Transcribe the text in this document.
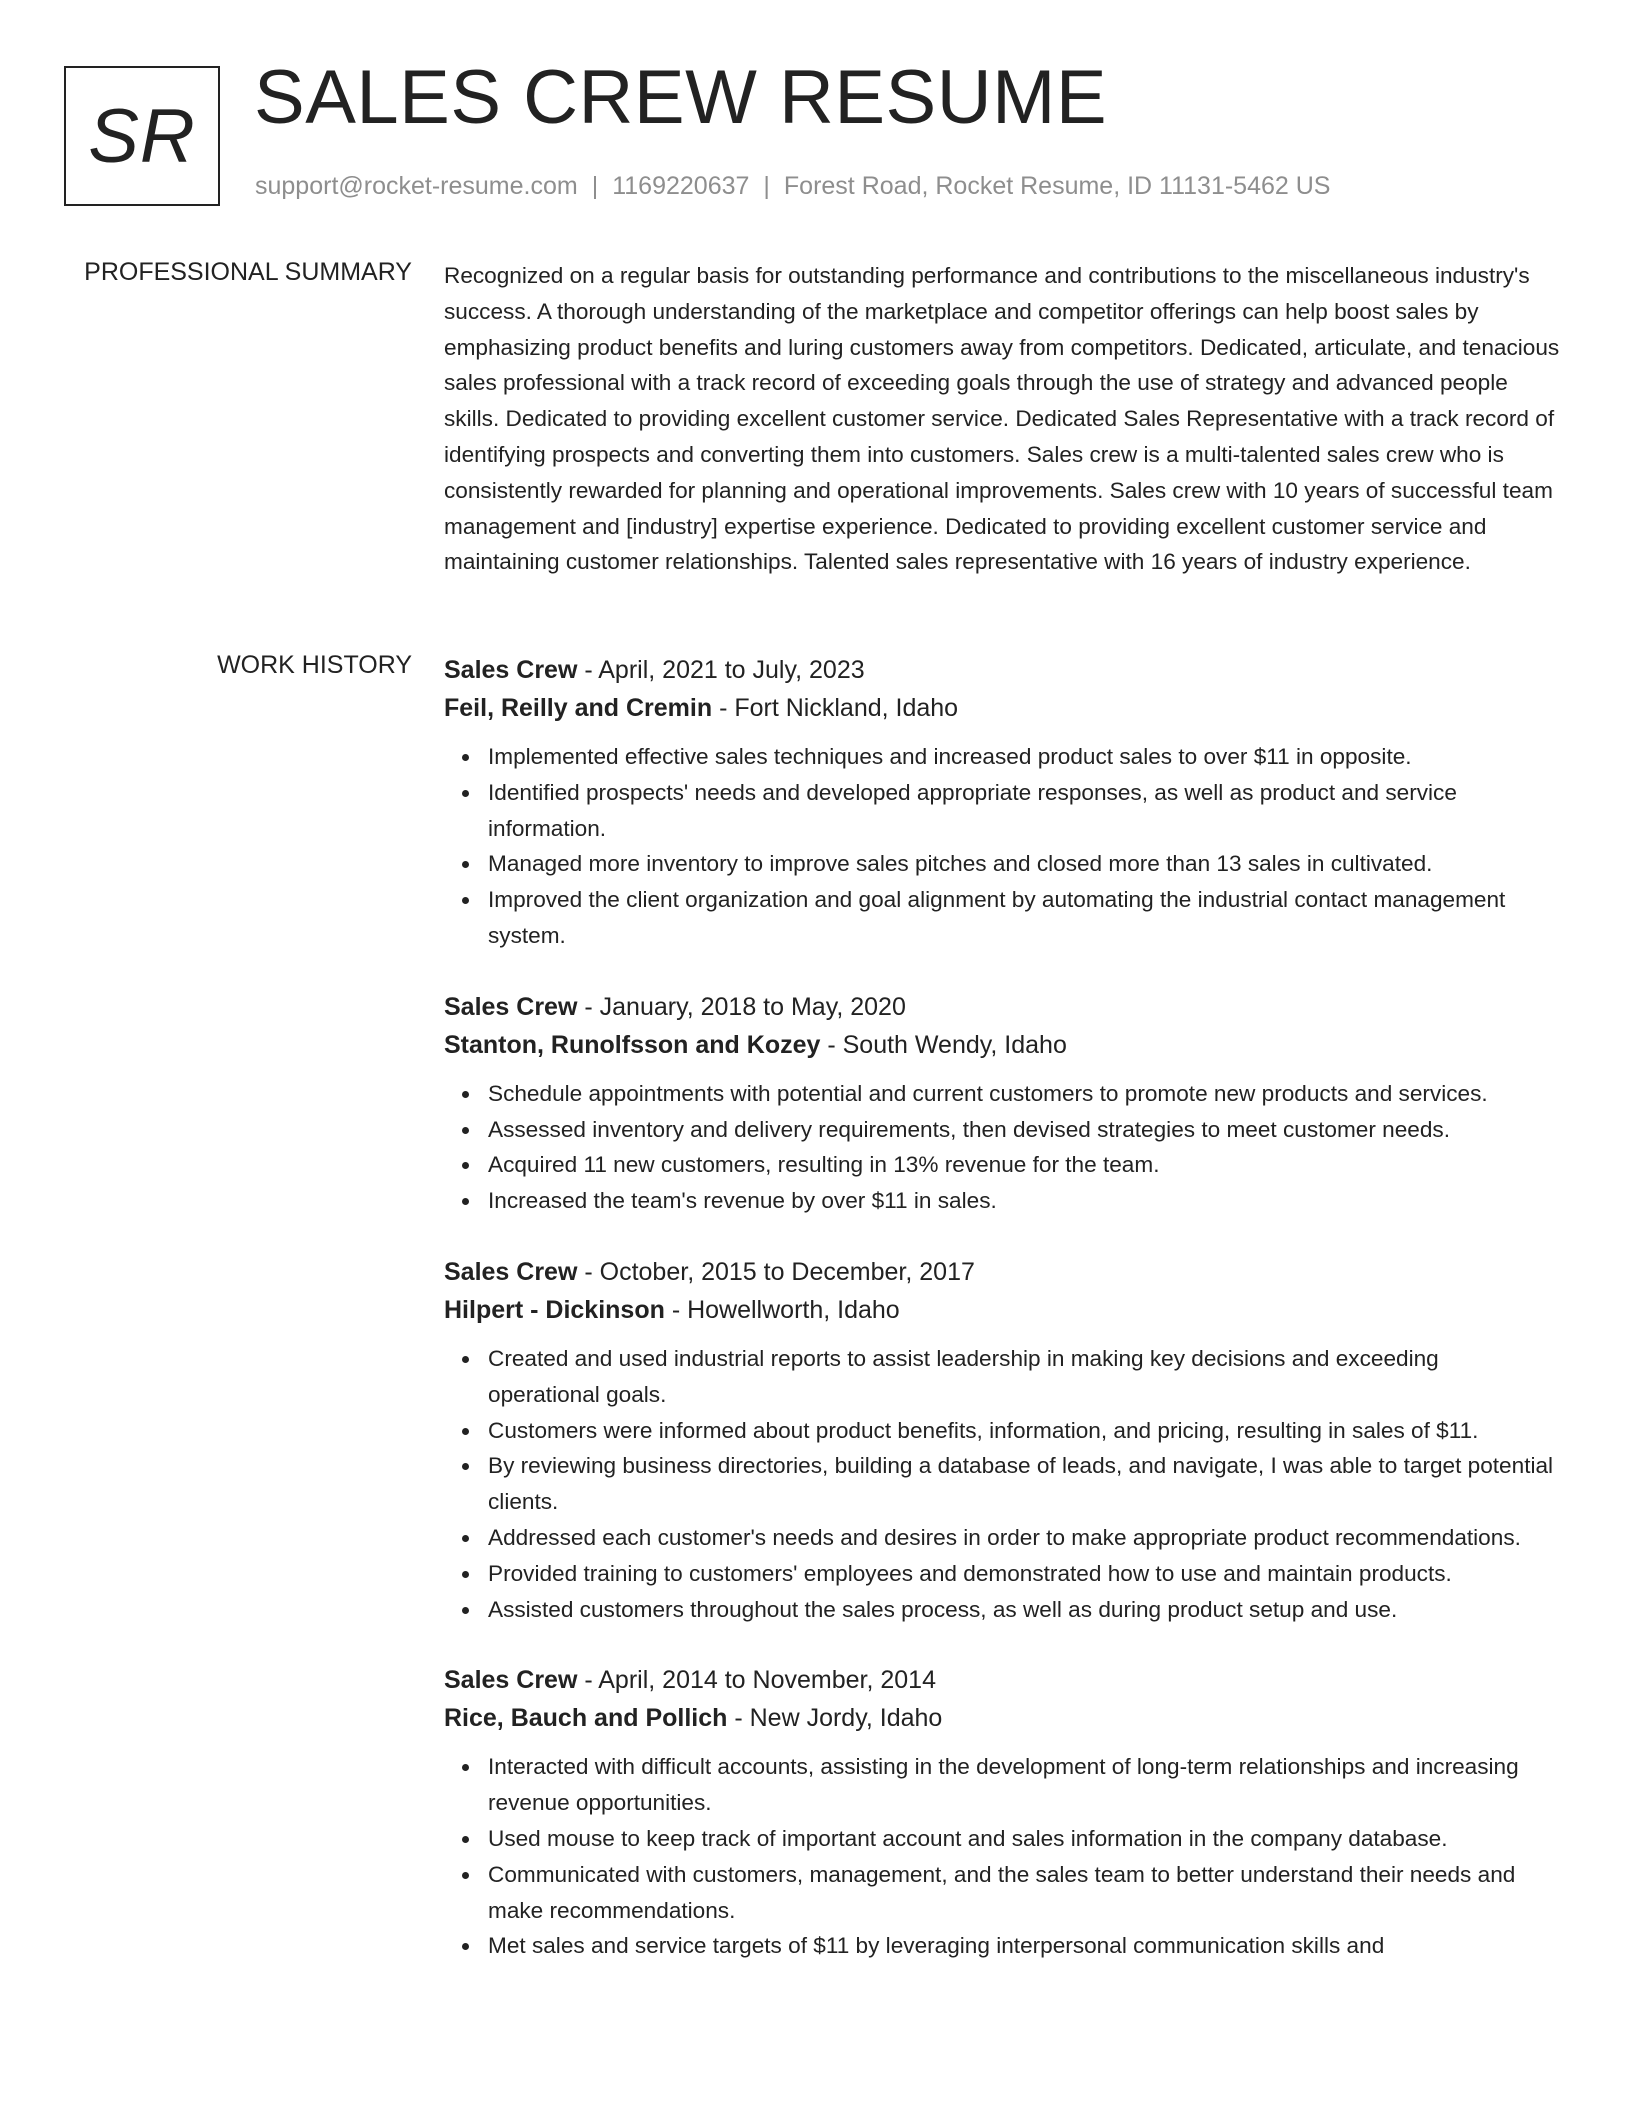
SR SALES CREW RESUME
support@rocket-resume.com | 1169220637 | Forest Road, Rocket Resume, ID 11131-5462 US
PROFESSIONAL SUMMARY Recognized on a regular basis for outstanding performance and contributions to the miscellaneous industry's success. A thorough understanding of the marketplace and competitor offerings can help boost sales by emphasizing product benefits and luring customers away from competitors. Dedicated, articulate, and tenacious sales professional with a track record of exceeding goals through the use of strategy and advanced people skills. Dedicated to providing excellent customer service. Dedicated Sales Representative with a track record of identifying prospects and converting them into customers. Sales crew is a multi-talented sales crew who is consistently rewarded for planning and operational improvements. Sales crew with 10 years of successful team management and [industry] expertise experience. Dedicated to providing excellent customer service and maintaining customer relationships. Talented sales representative with 16 years of industry experience.

WORK HISTORY Sales Crew - April, 2021 to July, 2023
Feil, Reilly and Cremin - Fort Nickland, Idaho
Implemented effective sales techniques and increased product sales to over $11 in opposite.
Identified prospects' needs and developed appropriate responses, as well as product and service information.
Managed more inventory to improve sales pitches and closed more than 13 sales in cultivated.
Improved the client organization and goal alignment by automating the industrial contact management system.
Sales Crew - January, 2018 to May, 2020
Stanton, Runolfsson and Kozey - South Wendy, Idaho
Schedule appointments with potential and current customers to promote new products and services.
Assessed inventory and delivery requirements, then devised strategies to meet customer needs.
Acquired 11 new customers, resulting in 13% revenue for the team.
Increased the team's revenue by over $11 in sales.
Sales Crew - October, 2015 to December, 2017
Hilpert - Dickinson - Howellworth, Idaho
Created and used industrial reports to assist leadership in making key decisions and exceeding operational goals.
Customers were informed about product benefits, information, and pricing, resulting in sales of $11.
By reviewing business directories, building a database of leads, and navigate, I was able to target potential clients.
Addressed each customer's needs and desires in order to make appropriate product recommendations.
Provided training to customers' employees and demonstrated how to use and maintain products.
Assisted customers throughout the sales process, as well as during product setup and use.
Sales Crew - April, 2014 to November, 2014
Rice, Bauch and Pollich - New Jordy, Idaho
Interacted with difficult accounts, assisting in the development of long-term relationships and increasing revenue opportunities.
Used mouse to keep track of important account and sales information in the company database.
Communicated with customers, management, and the sales team to better understand their needs and make recommendations.
Met sales and service targets of $11 by leveraging interpersonal communication skills and
